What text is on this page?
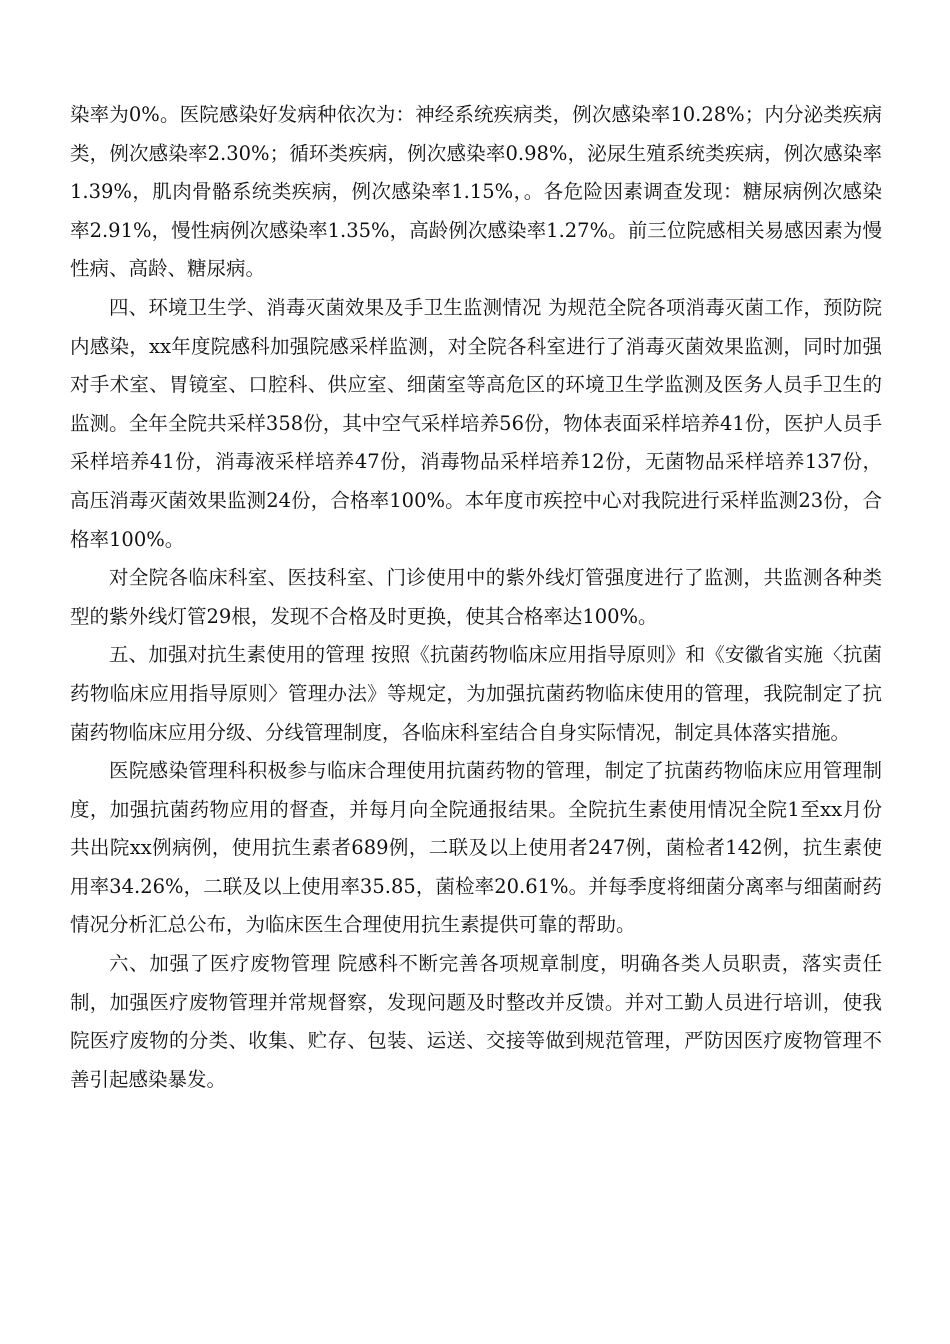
染率为0%。医院感染好发病种依次为：神经系统疾病类，例次感染率10.28%；内分泌类疾病类，例次感染率2.30%；循环类疾病，例次感染率0.98%，泌尿生殖系统类疾病，例次感染率1.39%，肌肉骨骼系统类疾病，例次感染率1.15%，。各危险因素调查发现：糖尿病例次感染率2.91%，慢性病例次感染率1.35%，高龄例次感染率1.27%。前三位院感相关易感因素为慢性病、高龄、糖尿病。

四、环境卫生学、消毒灭菌效果及手卫生监测情况 为规范全院各项消毒灭菌工作，预防院内感染，xx年度院感科加强院感采样监测，对全院各科室进行了消毒灭菌效果监测，同时加强对手术室、胃镜室、口腔科、供应室、细菌室等高危区的环境卫生学监测及医务人员手卫生的监测。全年全院共采样358份，其中空气采样培养56份，物体表面采样培养41份，医护人员手采样培养41份，消毒液采样培养47份，消毒物品采样培养12份，无菌物品采样培养137份，高压消毒灭菌效果监测24份，合格率100%。本年度市疾控中心对我院进行采样监测23份，合格率100%。

对全院各临床科室、医技科室、门诊使用中的紫外线灯管强度进行了监测，共监测各种类型的紫外线灯管29根，发现不合格及时更换，使其合格率达100%。

五、加强对抗生素使用的管理 按照《抗菌药物临床应用指导原则》和《安徽省实施〈抗菌药物临床应用指导原则〉管理办法》等规定，为加强抗菌药物临床使用的管理，我院制定了抗菌药物临床应用分级、分线管理制度，各临床科室结合自身实际情况，制定具体落实措施。

医院感染管理科积极参与临床合理使用抗菌药物的管理，制定了抗菌药物临床应用管理制度，加强抗菌药物应用的督查，并每月向全院通报结果。全院抗生素使用情况全院1至xx月份共出院xx例病例，使用抗生素者689例，二联及以上使用者247例，菌检者142例，抗生素使用率34.26%，二联及以上使用率35.85，菌检率20.61%。并每季度将细菌分离率与细菌耐药情况分析汇总公布，为临床医生合理使用抗生素提供可靠的帮助。

六、加强了医疗废物管理 院感科不断完善各项规章制度，明确各类人员职责，落实责任制，加强医疗废物管理并常规督察，发现问题及时整改并反馈。并对工勤人员进行培训，使我院医疗废物的分类、收集、贮存、包装、运送、交接等做到规范管理，严防因医疗废物管理不善引起感染暴发。
